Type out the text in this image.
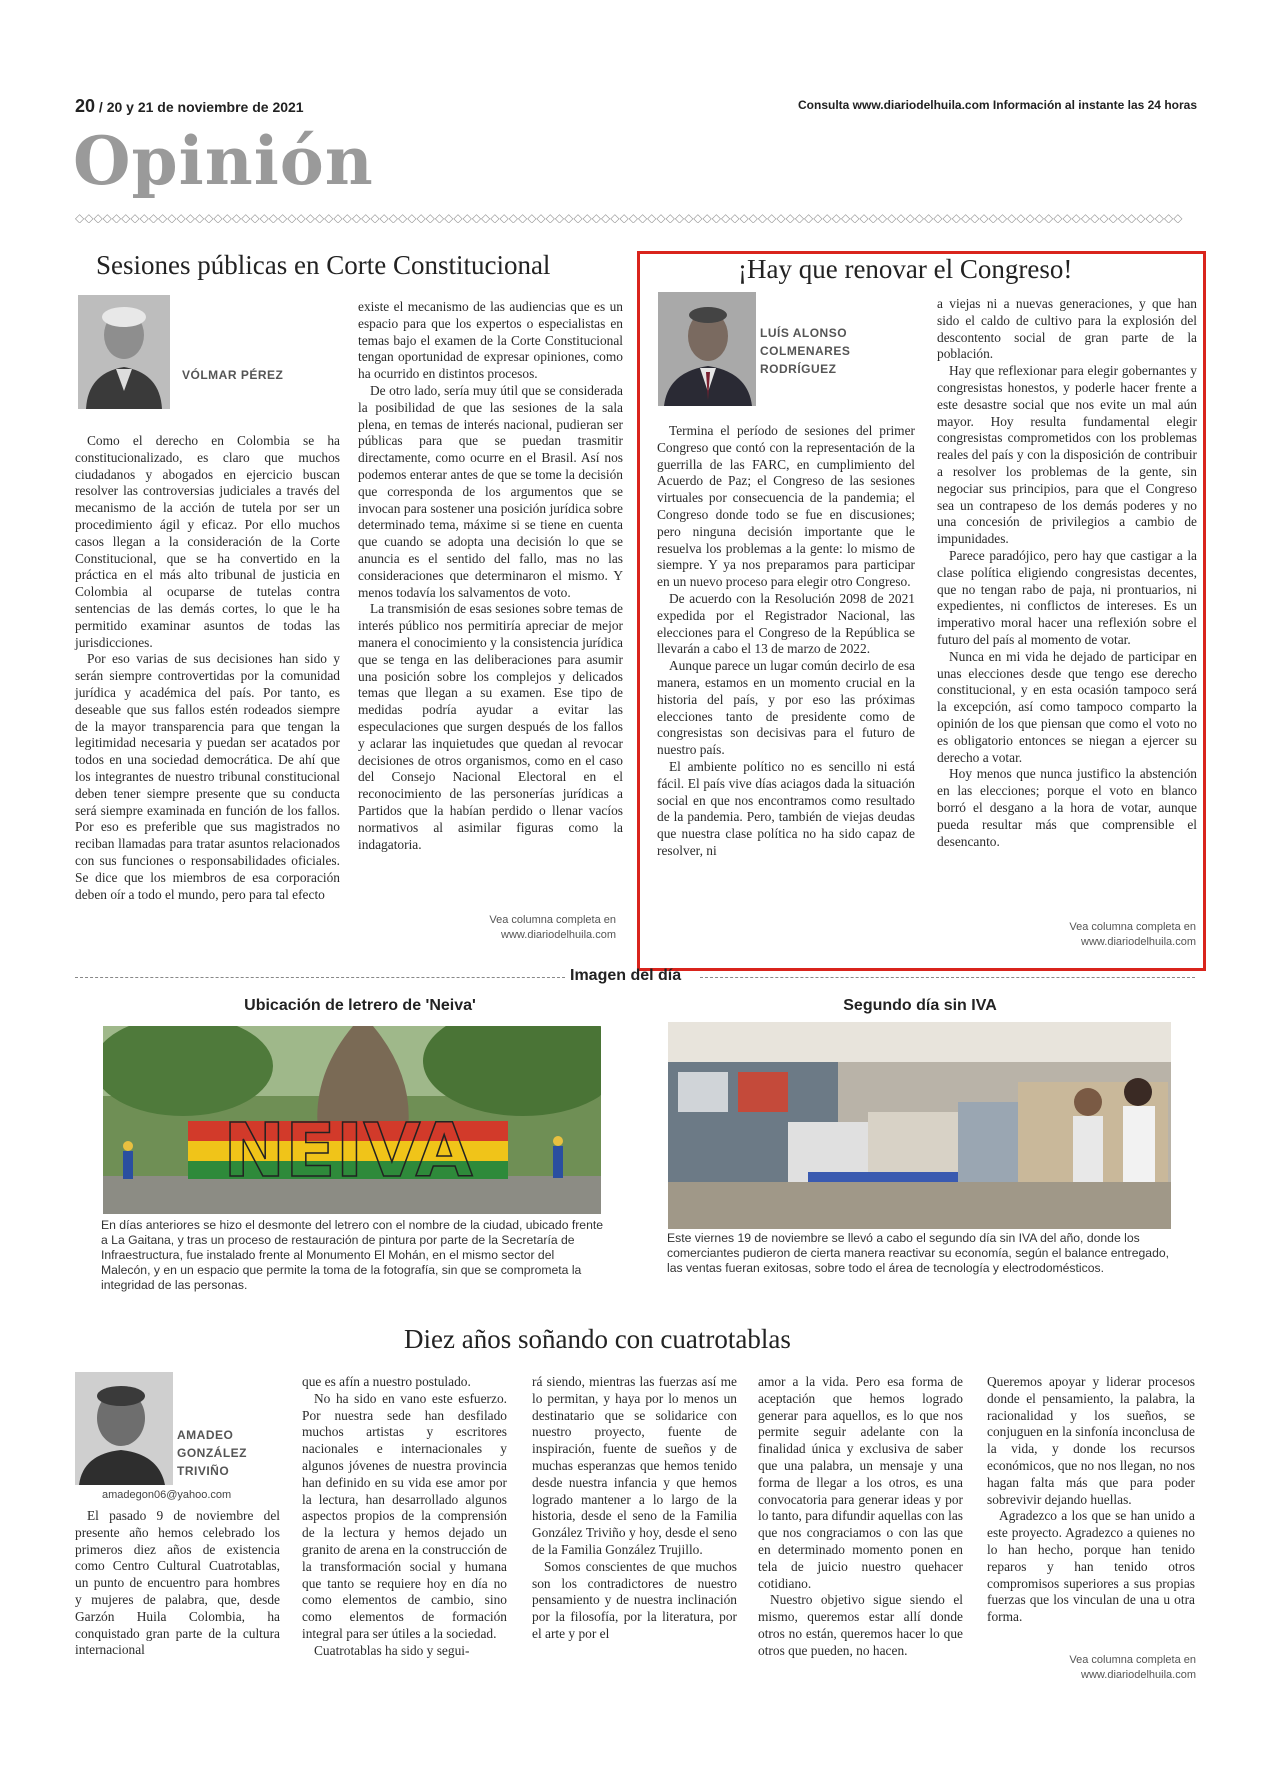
20 / 20 y 21 de noviembre de 2021	Consulta www.diariodelhuila.com Información al instante las 24 horas
Opinión
◇◇◇◇◇◇◇◇◇◇◇◇◇◇◇◇◇◇◇◇◇◇◇◇◇◇◇◇◇◇◇◇◇◇◇◇◇◇◇◇◇◇◇◇◇◇◇◇◇◇◇◇◇◇◇◇◇◇◇◇◇◇◇◇◇◇◇◇◇◇◇◇◇◇◇◇◇◇◇◇◇◇◇◇◇◇◇◇◇◇◇◇◇◇◇◇◇◇◇◇◇◇◇◇◇◇◇◇◇◇◇◇◇◇◇◇◇◇◇◇
Sesiones públicas en Corte Constitucional
VÓLMAR PÉREZ

Como el derecho en Colombia se ha constitucionalizado, es claro que muchos ciudadanos y abogados en ejercicio buscan resolver las controversias judiciales a través del mecanismo de la acción de tutela por ser un procedimiento ágil y eficaz. Por ello muchos casos llegan a la consideración de la Corte Constitucional, que se ha convertido en la práctica en el más alto tribunal de justicia en Colombia al ocuparse de tutelas contra sentencias de las demás cortes, lo que le ha permitido examinar asuntos de todas las jurisdicciones.

Por eso varias de sus decisiones han sido y serán siempre controvertidas por la comunidad jurídica y académica del país. Por tanto, es deseable que sus fallos estén rodeados siempre de la mayor transparencia para que tengan la legitimidad necesaria y puedan ser acatados por todos en una sociedad democrática. De ahí que los integrantes de nuestro tribunal constitucional deben tener siempre presente que su conducta será siempre examinada en función de los fallos. Por eso es preferible que sus magistrados no reciban llamadas para tratar asuntos relacionados con sus funciones o responsabilidades oficiales. Se dice que los miembros de esa corporación deben oír a todo el mundo, pero para tal efecto

existe el mecanismo de las audiencias que es un espacio para que los expertos o especialistas en temas bajo el examen de la Corte Constitucional tengan oportunidad de expresar opiniones, como ha ocurrido en distintos procesos.

De otro lado, sería muy útil que se considerada la posibilidad de que las sesiones de la sala plena, en temas de interés nacional, pudieran ser públicas para que se puedan trasmitir directamente, como ocurre en el Brasil. Así nos podemos enterar antes de que se tome la decisión que corresponda de los argumentos que se invocan para sostener una posición jurídica sobre determinado tema, máxime si se tiene en cuenta que cuando se adopta una decisión lo que se anuncia es el sentido del fallo, mas no las consideraciones que determinaron el mismo. Y menos todavía los salvamentos de voto.

La transmisión de esas sesiones sobre temas de interés público nos permitiría apreciar de mejor manera el conocimiento y la consistencia jurídica que se tenga en las deliberaciones para asumir una posición sobre los complejos y delicados temas que llegan a su examen. Ese tipo de medidas podría ayudar a evitar las especulaciones que surgen después de los fallos y aclarar las inquietudes que quedan al revocar decisiones de otros organismos, como en el caso del Consejo Nacional Electoral en el reconocimiento de las personerías jurídicas a Partidos que la habían perdido o llenar vacíos normativos al asimilar figuras como la indagatoria.

Vea columna completa en
www.diariodelhuila.com
¡Hay que renovar el Congreso!
LUÍS ALONSO
COLMENARES
RODRÍGUEZ

Termina el período de sesiones del primer Congreso que contó con la representación de la guerrilla de las FARC, en cumplimiento del Acuerdo de Paz; el Congreso de las sesiones virtuales por consecuencia de la pandemia; el Congreso donde todo se fue en discusiones; pero ninguna decisión importante que le resuelva los problemas a la gente: lo mismo de siempre. Y ya nos preparamos para participar en un nuevo proceso para elegir otro Congreso.

De acuerdo con la Resolución 2098 de 2021 expedida por el Registrador Nacional, las elecciones para el Congreso de la República se llevarán a cabo el 13 de marzo de 2022.

Aunque parece un lugar común decirlo de esa manera, estamos en un momento crucial en la historia del país, y por eso las próximas elecciones tanto de presidente como de congresistas son decisivas para el futuro de nuestro país.

El ambiente político no es sencillo ni está fácil. El país vive días aciagos dada la situación social en que nos encontramos como resultado de la pandemia. Pero, también de viejas deudas que nuestra clase política no ha sido capaz de resolver, ni

a viejas ni a nuevas generaciones, y que han sido el caldo de cultivo para la explosión del descontento social de gran parte de la población.

Hay que reflexionar para elegir gobernantes y congresistas honestos, y poderle hacer frente a este desastre social que nos evite un mal aún mayor. Hoy resulta fundamental elegir congresistas comprometidos con los problemas reales del país y con la disposición de contribuir a resolver los problemas de la gente, sin negociar sus principios, para que el Congreso sea un contrapeso de los demás poderes y no una concesión de privilegios a cambio de impunidades.

Parece paradójico, pero hay que castigar a la clase política eligiendo congresistas decentes, que no tengan rabo de paja, ni prontuarios, ni expedientes, ni conflictos de intereses. Es un imperativo moral hacer una reflexión sobre el futuro del país al momento de votar.

Nunca en mi vida he dejado de participar en unas elecciones desde que tengo ese derecho constitucional, y en esta ocasión tampoco será la excepción, así como tampoco comparto la opinión de los que piensan que como el voto no es obligatorio entonces se niegan a ejercer su derecho a votar.

Hoy menos que nunca justifico la abstención en las elecciones; porque el voto en blanco borró el desgano a la hora de votar, aunque pueda resultar más que comprensible el desencanto.

Vea columna completa en
www.diariodelhuila.com
Imagen del día
Ubicación de letrero de 'Neiva'
NEIVA
En días anteriores se hizo el desmonte del letrero con el nombre de la ciudad, ubicado frente a La Gaitana, y tras un proceso de restauración de pintura por parte de la Secretaría de Infraestructura, fue instalado frente al Monumento El Mohán, en el mismo sector del Malecón, y en un espacio que permite la toma de la fotografía, sin que se comprometa la integridad de las personas.
Segundo día sin IVA
Este viernes 19 de noviembre se llevó a cabo el segundo día sin IVA del año, donde los comerciantes pudieron de cierta manera reactivar su economía, según el balance entregado, las ventas fueran exitosas, sobre todo el área de tecnología y electrodomésticos.
Diez años soñando con cuatrotablas
AMADEO
GONZÁLEZ
TRIVIÑO
amadegon06@yahoo.com

El pasado 9 de noviembre del presente año hemos celebrado los primeros diez años de existencia como Centro Cultural Cuatrotablas, un punto de encuentro para hombres y mujeres de palabra, que, desde Garzón Huila Colombia, ha conquistado gran parte de la cultura internacional

que es afín a nuestro postulado.

No ha sido en vano este esfuerzo. Por nuestra sede han desfilado muchos artistas y escritores nacionales e internacionales y algunos jóvenes de nuestra provincia han definido en su vida ese amor por la lectura, han desarrollado algunos aspectos propios de la comprensión de la lectura y hemos dejado un granito de arena en la construcción de la transformación social y humana que tanto se requiere hoy en día no como elementos de cambio, sino como elementos de formación integral para ser útiles a la sociedad.

Cuatrotablas ha sido y segui-

rá siendo, mientras las fuerzas así me lo permitan, y haya por lo menos un destinatario que se solidarice con nuestro proyecto, fuente de inspiración, fuente de sueños y de muchas esperanzas que hemos tenido desde nuestra infancia y que hemos logrado mantener a lo largo de la historia, desde el seno de la Familia González Triviño y hoy, desde el seno de la Familia González Trujillo.

Somos conscientes de que muchos son los contradictores de nuestro pensamiento y de nuestra inclinación por la filosofía, por la literatura, por el arte y por el

amor a la vida. Pero esa forma de aceptación que hemos logrado generar para aquellos, es lo que nos permite seguir adelante con la finalidad única y exclusiva de saber que una palabra, un mensaje y una forma de llegar a los otros, es una convocatoria para generar ideas y por lo tanto, para difundir aquellas con las que nos congraciamos o con las que en determinado momento ponen en tela de juicio nuestro quehacer cotidiano.

Nuestro objetivo sigue siendo el mismo, queremos estar allí donde otros no están, queremos hacer lo que otros que pueden, no hacen.

Queremos apoyar y liderar procesos donde el pensamiento, la palabra, la racionalidad y los sueños, se conjuguen en la sinfonía inconclusa de la vida, y donde los recursos económicos, que no nos llegan, no nos hagan falta más que para poder sobrevivir dejando huellas.

Agradezco a los que se han unido a este proyecto. Agradezco a quienes no lo han hecho, porque han tenido reparos y han tenido otros compromisos superiores a sus propias fuerzas que los vinculan de una u otra forma.

Vea columna completa en
www.diariodelhuila.com
